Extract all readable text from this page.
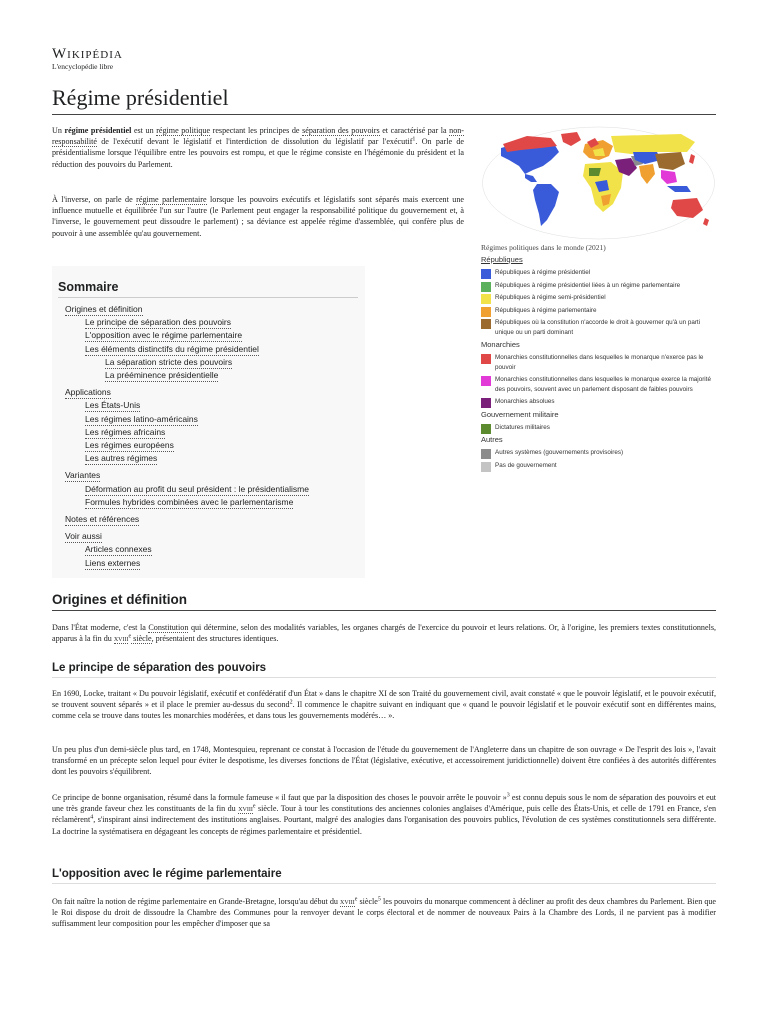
Wikipédia
L'encyclopédie libre
Régime présidentiel
Un régime présidentiel est un régime politique respectant les principes de séparation des pouvoirs et caractérisé par la non-responsabilité de l'exécutif devant le législatif et l'interdiction de dissolution du législatif par l'exécutif$^1$. On parle de présidentialisme lorsque l'équilibre entre les pouvoirs est rompu, et que le régime consiste en l'hégémonie du président et la réduction des pouvoirs du Parlement.
À l'inverse, on parle de régime parlementaire lorsque les pouvoirs exécutifs et législatifs sont séparés mais exercent une influence mutuelle et équilibrée l'un sur l'autre (le Parlement peut engager la responsabilité politique du gouvernement et, à l'inverse, le gouvernement peut dissoudre le parlement) ; sa déviance est appelée régime d'assemblée, qui confère plus de pouvoir à une assemblée qu'au gouvernement.
Régimes politiques dans le monde (2021)
Républiques
Républiques à régime présidentiel
Républiques à régime présidentiel liées à un régime parlementaire
Républiques à régime semi-présidentiel
Républiques à régime parlementaire
Républiques où la constitution n'accorde le droit à gouverner qu'à un parti unique ou un parti dominant
Monarchies
Monarchies constitutionnelles dans lesquelles le monarque n'exerce pas le pouvoir
Monarchies constitutionnelles dans lesquelles le monarque exerce la majorité des pouvoirs, souvent avec un parlement disposant de faibles pouvoirs
Monarchies absolues
Gouvernement militaire
Dictatures militaires
Autres
Autres systèmes (gouvernements provisoires)
Pas de gouvernement
Sommaire
Origines et définition
Le principe de séparation des pouvoirs
L'opposition avec le régime parlementaire
Les éléments distinctifs du régime présidentiel
La séparation stricte des pouvoirs
La prééminence présidentielle
Applications
Les États-Unis
Les régimes latino-américains
Les régimes africains
Les régimes européens
Les autres régimes
Variantes
Déformation au profit du seul président : le présidentialisme
Formules hybrides combinées avec le parlementarisme
Notes et références
Voir aussi
Articles connexes
Liens externes
Origines et définition
Dans l'État moderne, c'est la Constitution qui détermine, selon des modalités variables, les organes chargés de l'exercice du pouvoir et leurs relations. Or, à l'origine, les premiers textes constitutionnels, apparus à la fin du xviii$^e$ siècle, présentaient des structures identiques.
Le principe de séparation des pouvoirs
En 1690, Locke, traitant « Du pouvoir législatif, exécutif et confédératif d'un État » dans le chapitre XI de son Traité du gouvernement civil, avait constaté « que le pouvoir législatif, et le pouvoir exécutif, se trouvent souvent séparés » et il place le premier au-dessus du second$^2$. Il commence le chapitre suivant en indiquant que « quand le pouvoir législatif et le pouvoir exécutif sont en différentes mains, comme cela se trouve dans toutes les monarchies modérées, et dans tous les gouvernements modérés… ».
Un peu plus d'un demi-siècle plus tard, en 1748, Montesquieu, reprenant ce constat à l'occasion de l'étude du gouvernement de l'Angleterre dans un chapitre de son ouvrage « De l'esprit des lois », l'avait transformé en un précepte selon lequel pour éviter le despotisme, les diverses fonctions de l'État (législative, exécutive, et accessoirement juridictionnelle) doivent être confiées à des autorités différentes dont les pouvoirs s'équilibrent.
Ce principe de bonne organisation, résumé dans la formule fameuse « il faut que par la disposition des choses le pouvoir arrête le pouvoir »$^3$ est connu depuis sous le nom de séparation des pouvoirs et eut une très grande faveur chez les constituants de la fin du xviii$^e$ siècle. Tour à tour les constitutions des anciennes colonies anglaises d'Amérique, puis celle des États-Unis, et celle de 1791 en France, s'en réclamèrent$^4$, s'inspirant ainsi indirectement des institutions anglaises. Pourtant, malgré des analogies dans l'organisation des pouvoirs publics, l'évolution de ces systèmes constitutionnels sera différente. La doctrine la systématisera en dégageant les concepts de régimes parlementaire et présidentiel.
L'opposition avec le régime parlementaire
On fait naître la notion de régime parlementaire en Grande-Bretagne, lorsqu'au début du xviii$^e$ siècle$^5$ les pouvoirs du monarque commencent à décliner au profit des deux chambres du Parlement. Bien que le Roi dispose du droit de dissoudre la Chambre des Communes pour la renvoyer devant le corps électoral et de nommer de nouveaux Pairs à la Chambre des Lords, il ne parvient pas à modifier suffisamment leur composition pour les empêcher d'imposer que sa
